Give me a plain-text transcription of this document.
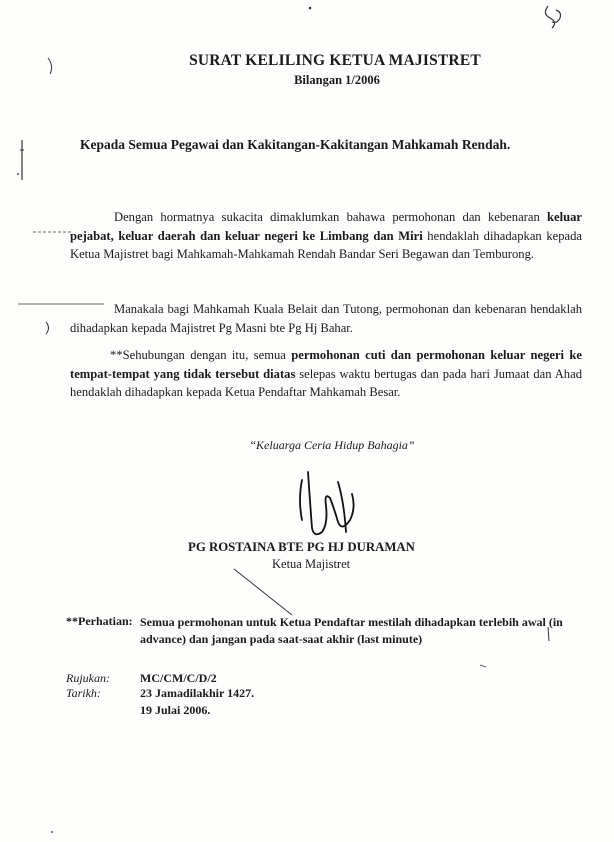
SURAT KELILING KETUA MAJISTRET
Bilangan 1/2006
Kepada Semua Pegawai dan Kakitangan-Kakitangan Mahkamah Rendah.
Dengan hormatnya sukacita dimaklumkan bahawa permohonan dan kebenaran keluar pejabat, keluar daerah dan keluar negeri ke Limbang dan Miri hendaklah dihadapkan kepada Ketua Majistret bagi Mahkamah-Mahkamah Rendah Bandar Seri Begawan dan Temburong.
Manakala bagi Mahkamah Kuala Belait dan Tutong, permohonan dan kebenaran hendaklah dihadapkan kepada Majistret Pg Masni bte Pg Hj Bahar.
**Sehubungan dengan itu, semua permohonan cuti dan permohonan keluar negeri ke tempat-tempat yang tidak tersebut diatas selepas waktu bertugas dan pada hari Jumaat dan Ahad hendaklah dihadapkan kepada Ketua Pendaftar Mahkamah Besar.
“Keluarga Ceria Hidup Bahagia”
PG ROSTAINA BTE PG HJ DURAMAN
Ketua Majistret
**Perhatian: Semua permohonan untuk Ketua Pendaftar mestilah dihadapkan terlebih awal (in advance) dan jangan pada saat-saat akhir (last minute)
Rujukan:	MC/CM/C/D/2
Tarikh:	23 Jamadilakhir 1427.
19 Julai 2006.
